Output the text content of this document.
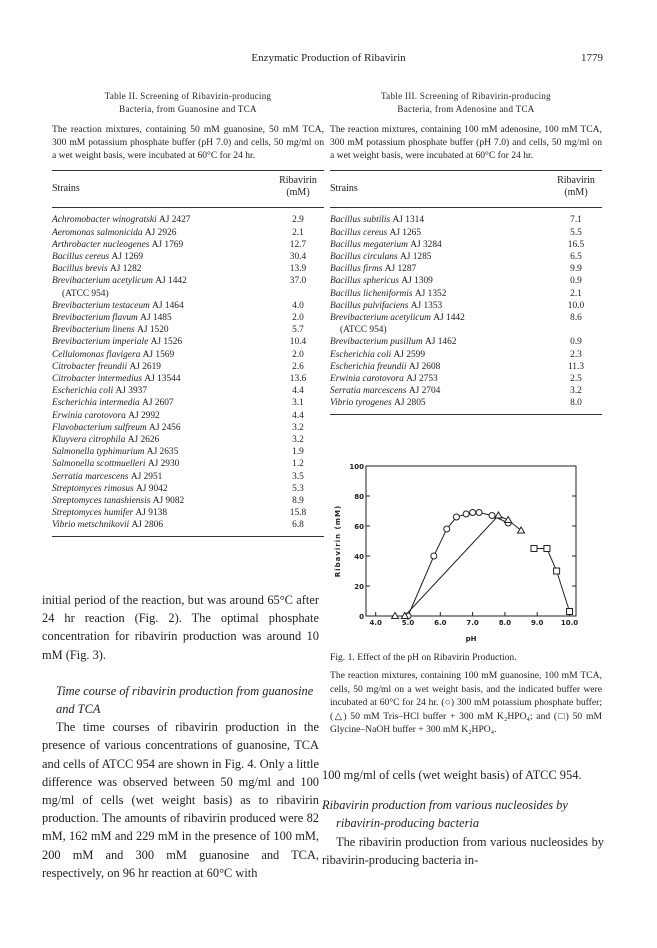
Enzymatic Production of Ribavirin	1779
Table II. Screening of Ribavirin-producing
Bacteria, from Guanosine and TCA
The reaction mixtures, containing 50 mM guanosine, 50 mM TCA, 300 mM potassium phosphate buffer (pH 7.0) and cells, 50 mg/ml on a wet weight basis, were incubated at 60°C for 24 hr.
Strains	Ribavirin
(mM)

Achromobacter winogratski AJ 2427	2.9
Aeromonas salmonicida AJ 2926	2.1
Arthrobacter nucleogenes AJ 1769	12.7
Bacillus cereus AJ 1269	30.4
Bacillus brevis AJ 1282	13.9
Brevibacterium acetylicum AJ 1442	37.0
(ATCC 954)	
Brevibacterium testaceum AJ 1464	4.0
Brevibacterium flavum AJ 1485	2.0
Brevibacterium linens AJ 1520	5.7
Brevibacterium imperiale AJ 1526	10.4
Cellulomonas flavigera AJ 1569	2.0
Citrobacter freundii AJ 2619	2.6
Citrobacter intermedius AJ 13544	13.6
Escherichia coli AJ 3937	4.4
Escherichia intermedia AJ 2607	3.1
Erwinia carotovora AJ 2992	4.4
Flavobacterium sulfreum AJ 2456	3.2
Kluyvera citrophila AJ 2626	3.2
Salmonella typhimurium AJ 2635	1.9
Salmonella scottmuelleri AJ 2930	1.2
Serratia marcescens AJ 2951	3.5
Streptomyces rimosus AJ 9042	5.3
Streptomyces tanashiensis AJ 9082	8.9
Streptomyces humifer AJ 9138	15.8
Vibrio metschnikovii AJ 2806	6.8

Table III. Screening of Ribavirin-producing
Bacteria, from Adenosine and TCA
The reaction mixtures, containing 100 mM adenosine, 100 mM TCA, 300 mM potassium phosphate buffer (pH 7.0) and cells, 50 mg/ml on a wet weight basis, were incubated at 60°C for 24 hr.
Strains	Ribavirin
(mM)

Bacillus subtilis AJ 1314	7.1
Bacillus cereus AJ 1265	5.5
Bacillus megaterium AJ 3284	16.5
Bacillus circulans AJ 1285	6.5
Bacillus firms AJ 1287	9.9
Bacillus sphericus AJ 1309	0.9
Bacillus licheniformis AJ 1352	2.1
Bacillus pulvifaciens AJ 1353	10.0
Brevibacterium acetylicum AJ 1442	8.6
(ATCC 954)	
Brevibacterium pusillum AJ 1462	0.9
Escherichia coli AJ 2599	2.3
Escherichia freundii AJ 2608	11.3
Erwinia carotovora AJ 2753	2.5
Serratia marcescens AJ 2704	3.2
Vibrio tyrogenes AJ 2805	8.0

4.0	5.0	6.0	7.0	8.0	9.0 10.0
0
20
40
60
80
100
pH
Ribavirin (mM)
initial period of the reaction, but was around 65°C after 24 hr reaction (Fig. 2). The optimal phosphate concentration for ribavirin production was around 10 mM (Fig. 3).
Time course of ribavirin production from guanosine and TCA
The time courses of ribavirin production in the presence of various concentrations of guanosine, TCA and cells of ATCC 954 are shown in Fig. 4. Only a little difference was observed between 50 mg/ml and 100 mg/ml of cells (wet weight basis) as to ribavirin production. The amounts of ribavirin produced were 82 mM, 162 mM and 229 mM in the presence of 100 mM, 200 mM and 300 mM guanosine and TCA, respectively, on 96 hr reaction at 60°C with
Fig. 1. Effect of the pH on Ribavirin Production.
The reaction mixtures, containing 100 mM guanosine, 100 mM TCA, cells, 50 mg/ml on a wet weight basis, and the indicated buffer were incubated at 60°C for 24 hr. (○) 300 mM potassium phosphate buffer; (△) 50 mM Tris–HCl buffer + 300 mM K₂HPO₄; and (□) 50 mM Glycine–NaOH buffer + 300 mM K₂HPO₄.
100 mg/ml of cells (wet weight basis) of ATCC 954.
Ribavirin production from various nucleosides by ribavirin-producing bacteria
The ribavirin production from various nucleosides by ribavirin-producing bacteria in-
